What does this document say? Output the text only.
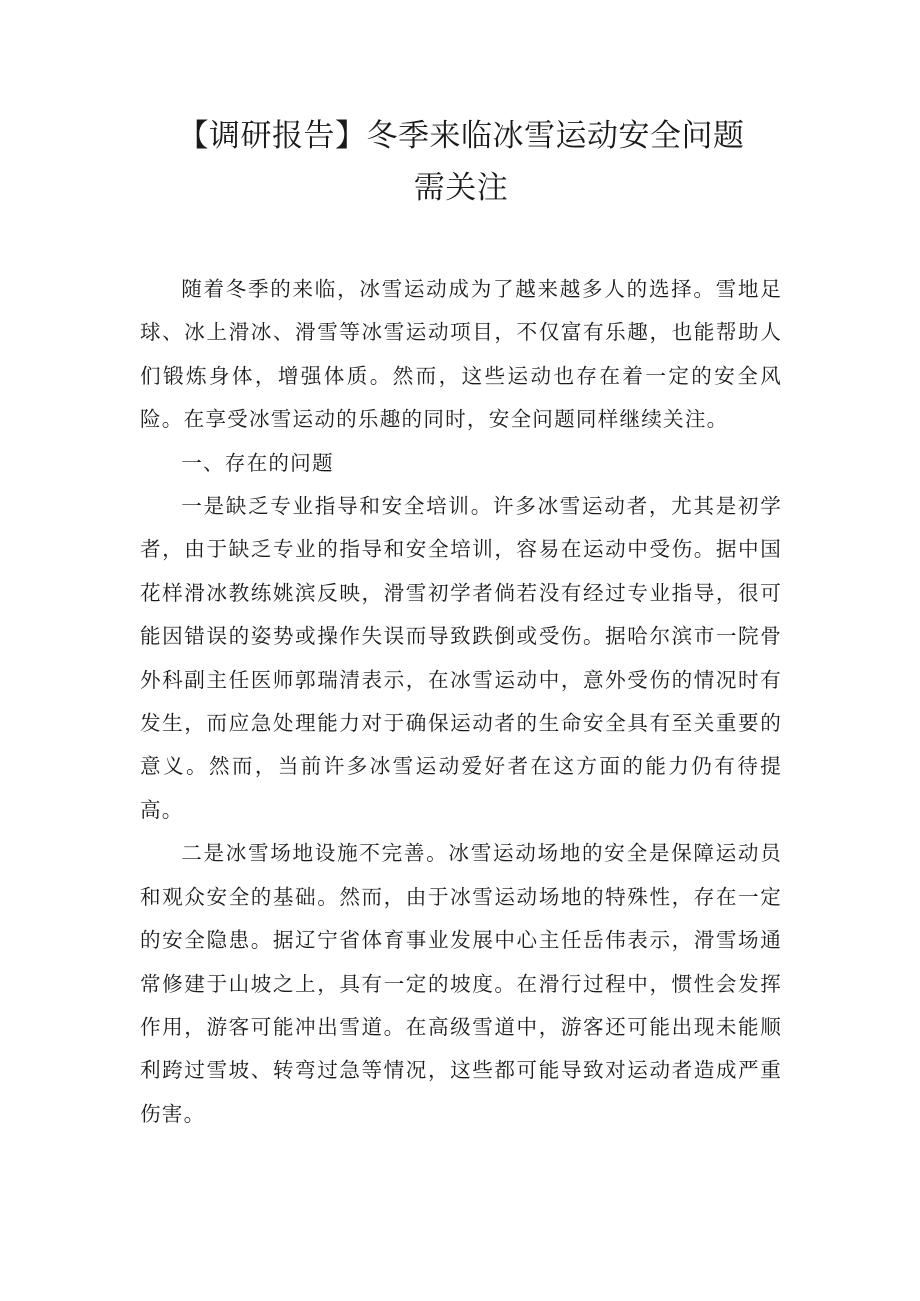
【调研报告】冬季来临冰雪运动安全问题
需关注

随着冬季的来临，冰雪运动成为了越来越多人的选择。雪地足球、冰上滑冰、滑雪等冰雪运动项目，不仅富有乐趣，也能帮助人们锻炼身体，增强体质。然而，这些运动也存在着一定的安全风险。在享受冰雪运动的乐趣的同时，安全问题同样继续关注。

一、存在的问题

一是缺乏专业指导和安全培训。许多冰雪运动者，尤其是初学者，由于缺乏专业的指导和安全培训，容易在运动中受伤。据中国花样滑冰教练姚滨反映，滑雪初学者倘若没有经过专业指导，很可能因错误的姿势或操作失误而导致跌倒或受伤。据哈尔滨市一院骨外科副主任医师郭瑞清表示，在冰雪运动中，意外受伤的情况时有发生，而应急处理能力对于确保运动者的生命安全具有至关重要的意义。然而，当前许多冰雪运动爱好者在这方面的能力仍有待提高。

二是冰雪场地设施不完善。冰雪运动场地的安全是保障运动员和观众安全的基础。然而，由于冰雪运动场地的特殊性，存在一定的安全隐患。据辽宁省体育事业发展中心主任岳伟表示，滑雪场通常修建于山坡之上，具有一定的坡度。在滑行过程中，惯性会发挥作用，游客可能冲出雪道。在高级雪道中，游客还可能出现未能顺利跨过雪坡、转弯过急等情况，这些都可能导致对运动者造成严重伤害。
